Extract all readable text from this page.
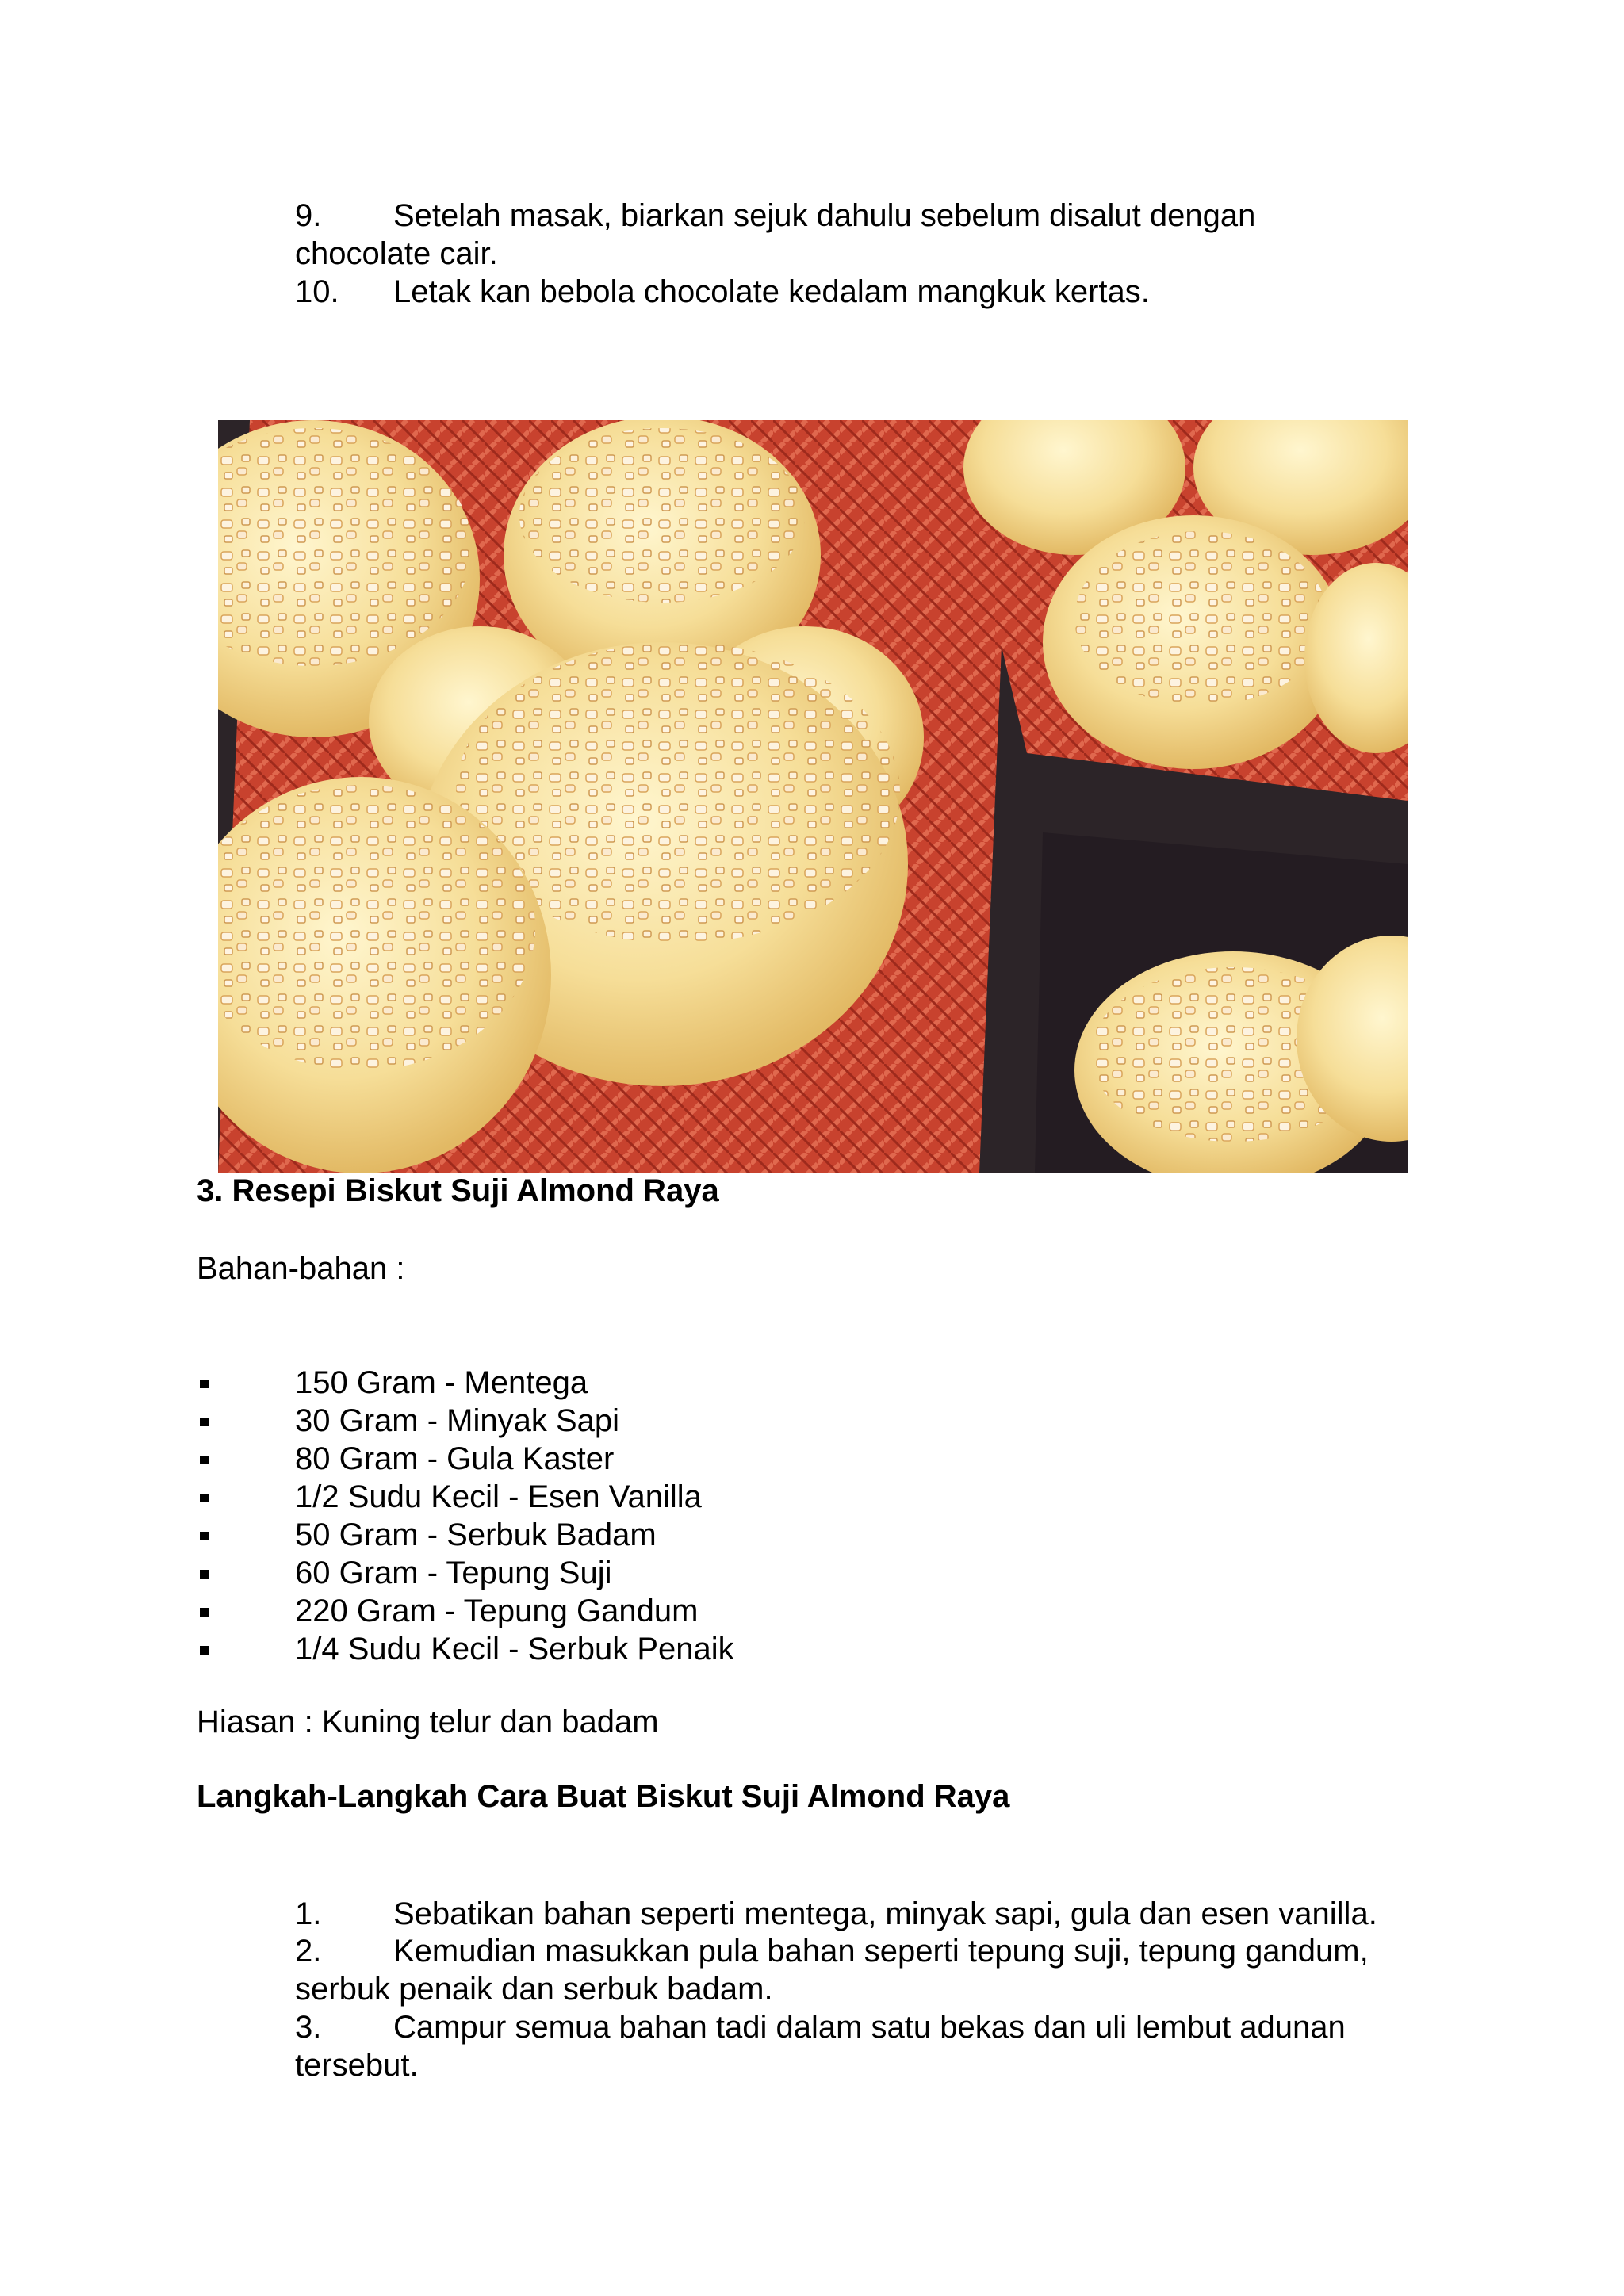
9. Setelah masak, biarkan sejuk dahulu sebelum disalut dengan
chocolate cair.
10. Letak kan bebola chocolate kedalam mangkuk kertas.
3. Resepi Biskut Suji Almond Raya
Bahan-bahan :
150 Gram - Mentega
30 Gram - Minyak Sapi
80 Gram - Gula Kaster
1/2 Sudu Kecil - Esen Vanilla
50 Gram - Serbuk Badam
60 Gram - Tepung Suji
220 Gram - Tepung Gandum
1/4 Sudu Kecil - Serbuk Penaik
Hiasan : Kuning telur dan badam
Langkah-Langkah Cara Buat Biskut Suji Almond Raya
1. Sebatikan bahan seperti mentega, minyak sapi, gula dan esen vanilla.
2. Kemudian masukkan pula bahan seperti tepung suji, tepung gandum,
serbuk penaik dan serbuk badam.
3. Campur semua bahan tadi dalam satu bekas dan uli lembut adunan
tersebut.
